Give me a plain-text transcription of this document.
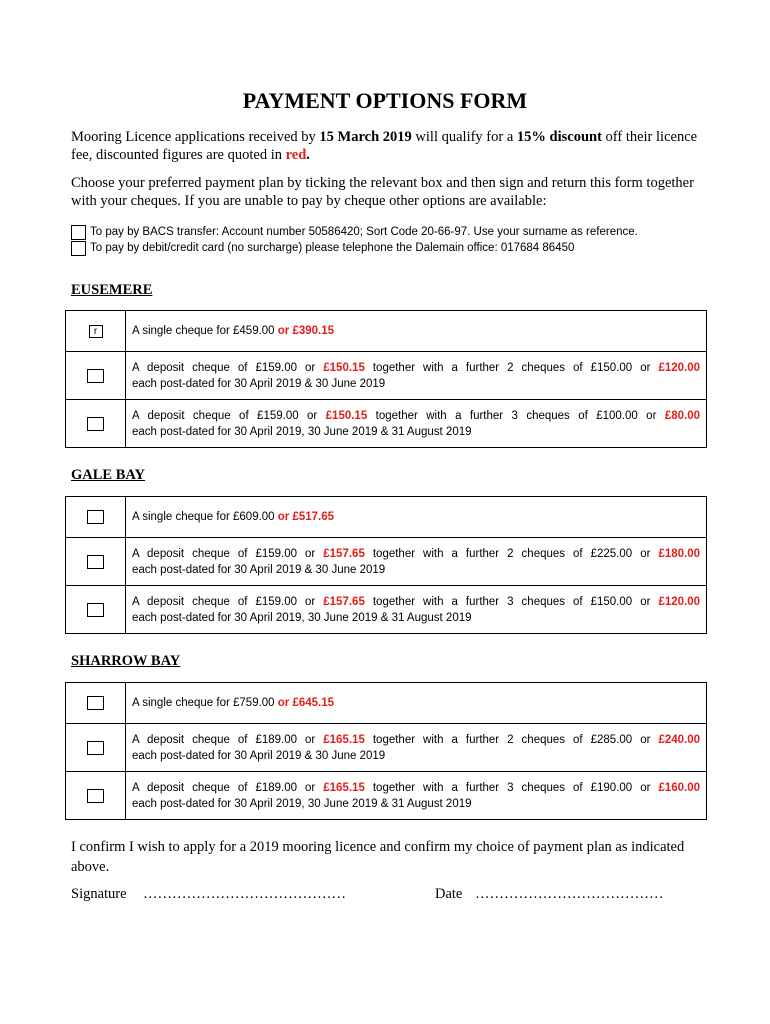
PAYMENT OPTIONS FORM
Mooring Licence applications received by 15 March 2019 will qualify for a 15% discount off their licence fee, discounted figures are quoted in red.
Choose your preferred payment plan by ticking the relevant box and then sign and return this form together with your cheques. If you are unable to pay by cheque other options are available:
To pay by BACS transfer: Account number 50586420; Sort Code 20-66-97. Use your surname as reference.
To pay by debit/credit card (no surcharge) please telephone the Dalemain office: 017684 86450
EUSEMERE
r	A single cheque for £459.00 or £390.15
A deposit cheque of £159.00 or £150.15 together with a further 2 cheques of £150.00 or £120.00
each post-dated for 30 April 2019 & 30 June 2019
A deposit cheque of £159.00 or £150.15 together with a further 3 cheques of £100.00 or £80.00
each post-dated for 30 April 2019, 30 June 2019 & 31 August 2019
GALE BAY
A single cheque for £609.00 or £517.65
A deposit cheque of £159.00 or £157.65 together with a further 2 cheques of £225.00 or £180.00
each post-dated for 30 April 2019 & 30 June 2019
A deposit cheque of £159.00 or £157.65 together with a further 3 cheques of £150.00 or £120.00
each post-dated for 30 April 2019, 30 June 2019 & 31 August 2019
SHARROW BAY
A single cheque for £759.00 or £645.15
A deposit cheque of £189.00 or £165.15 together with a further 2 cheques of £285.00 or £240.00
each post-dated for 30 April 2019 & 30 June 2019
A deposit cheque of £189.00 or £165.15 together with a further 3 cheques of £190.00 or £160.00
each post-dated for 30 April 2019, 30 June 2019 & 31 August 2019
I confirm I wish to apply for a 2019 mooring licence and confirm my choice of payment plan as indicated above.
Signature ……………………………………	Date …………………………………
